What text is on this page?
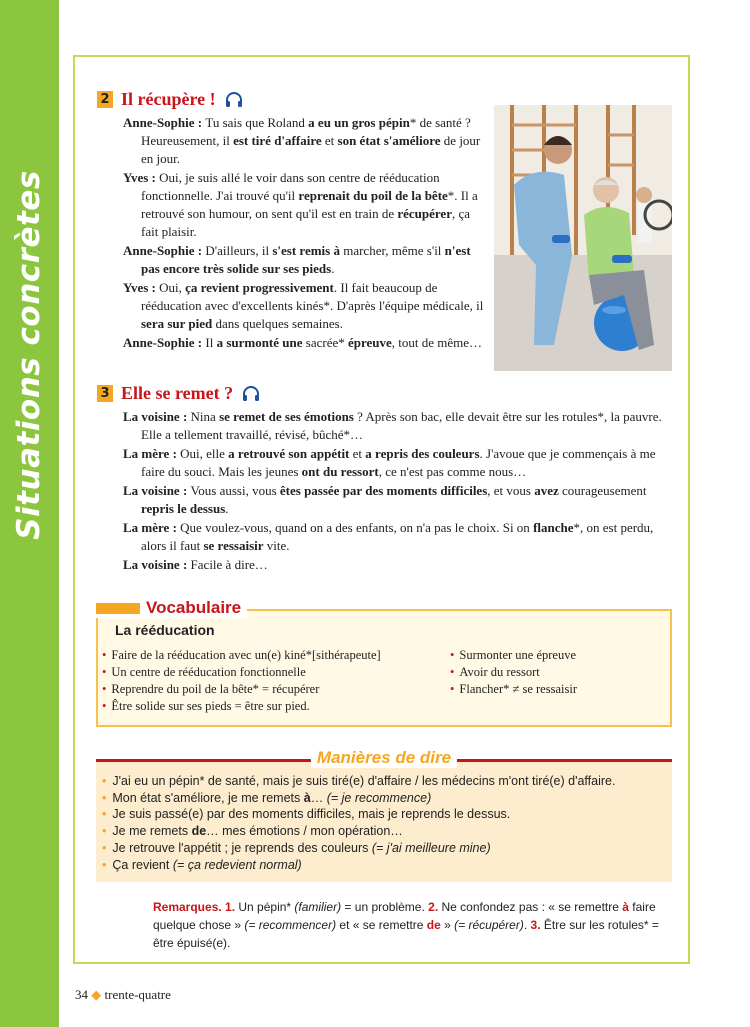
Situations concrètes
2 Il récupère !

Anne-Sophie : Tu sais que Roland a eu un gros pépin* de santé ? Heureusement, il est tiré d'affaire et son état s'améliore de jour en jour.

Yves : Oui, je suis allé le voir dans son centre de rééducation fonctionnelle. J'ai trouvé qu'il reprenait du poil de la bête*. Il a retrouvé son humour, on sent qu'il est en train de récupérer, ça fait plaisir.

Anne-Sophie : D'ailleurs, il s'est remis à marcher, même s'il n'est pas encore très solide sur ses pieds.

Yves : Oui, ça revient progressivement. Il fait beaucoup de rééducation avec d'excellents kinés*. D'après l'équipe médicale, il sera sur pied dans quelques semaines.

Anne-Sophie : Il a surmonté une sacrée* épreuve, tout de même…

3 Elle se remet ?

La voisine : Nina se remet de ses émotions ? Après son bac, elle devait être sur les rotules*, la pauvre. Elle a tellement travaillé, révisé, bûché*…

La mère : Oui, elle a retrouvé son appétit et a repris des couleurs. J'avoue que je commençais à me faire du souci. Mais les jeunes ont du ressort, ce n'est pas comme nous…

La voisine : Vous aussi, vous êtes passée par des moments difficiles, et vous avez courageusement repris le dessus.

La mère : Que voulez-vous, quand on a des enfants, on n'a pas le choix. Si on flanche*, on est perdu, alors il faut se ressaisir vite.

La voisine : Facile à dire…

Vocabulaire
La rééducation
• Faire de la rééducation avec un(e) kiné*[sithérapeute]
• Un centre de rééducation fonctionnelle
• Reprendre du poil de la bête* = récupérer
• Être solide sur ses pieds = être sur pied.
• Surmonter une épreuve
• Avoir du ressort
• Flancher* ≠ se ressaisir
Manières de dire
• J'ai eu un pépin* de santé, mais je suis tiré(e) d'affaire / les médecins m'ont tiré(e) d'affaire.
• Mon état s'améliore, je me remets à… (= je recommence)
• Je suis passé(e) par des moments difficiles, mais je reprends le dessus.
• Je me remets de… mes émotions / mon opération…
• Je retrouve l'appétit ; je reprends des couleurs (= j'ai meilleure mine)
• Ça revient (= ça redevient normal)
Remarques. 1. Un pépin* (familier) = un problème. 2. Ne confondez pas : « se remettre à faire quelque chose » (= recommencer) et « se remettre de » (= récupérer). 3. Être sur les rotules* = être épuisé(e).
34 ◆ trente-quatre
